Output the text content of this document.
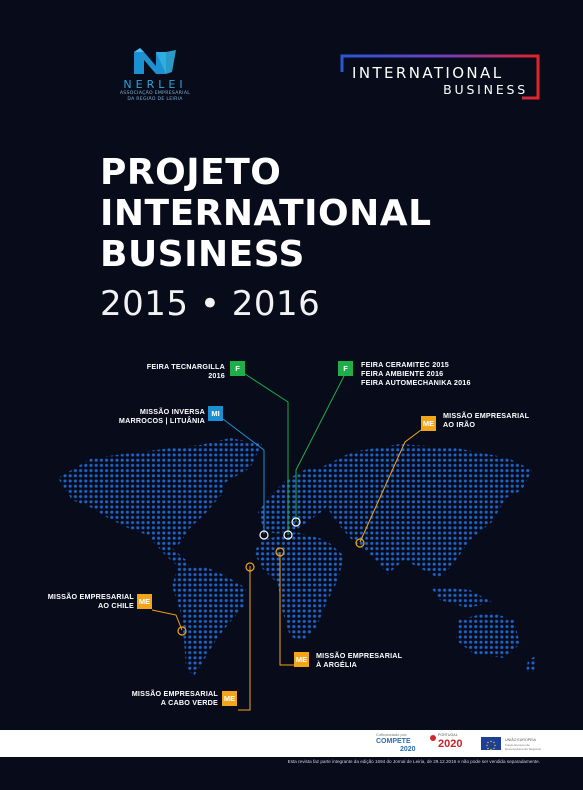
NERLEI
ASSOCIAÇÃO EMPRESARIAL
DA REGIÃO DE LEIRIA
INTERNATIONAL
BUSINESS
PROJETO
INTERNATIONAL
BUSINESS
2015 • 2016
FEIRA TECNARGILLA
2016
F	F	FEIRA CERAMITEC 2015
FEIRA AMBIENTE 2016
FEIRA AUTOMECHANIKA 2016
MISSÃO INVERSA
MARROCOS | LITUÂNIA
MI
ME
MISSÃO EMPRESARIAL
AO IRÃO
MISSÃO EMPRESARIAL
AO CHILE ME
ME MISSÃO EMPRESARIAL
À ARGÉLIA
MISSÃO EMPRESARIAL
A CABO VERDE ME
Cofinanciado por:
COMPETE
2020
PORTUGAL
2020	UNIÃO EUROPEIA
Fundo Europeu de Desenvolvimento Regional
Esta revista faz parte integrante da edição 1694 do Jornal de Leiria, de 29.12.2016 e não pode ser vendida separadamente.
